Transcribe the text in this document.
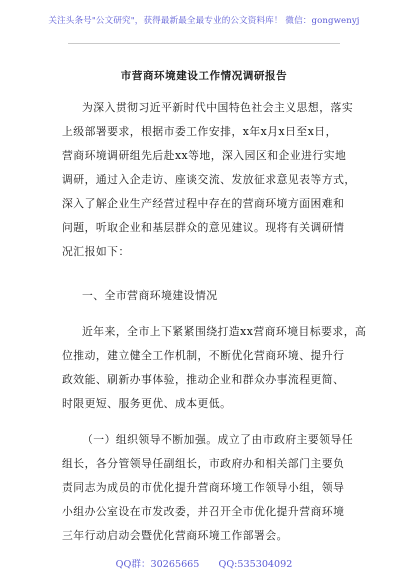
关注头条号"公文研究"，获得最新最全最专业的公文资料库！ 微信：gongwenyj
市营商环境建设工作情况调研报告
为深入贯彻习近平新时代中国特色社会主义思想，落实
上级部署要求，根据市委工作安排，x年x月x日至x日，
营商环境调研组先后赴xx等地，深入园区和企业进行实地
调研，通过入企走访、座谈交流、发放征求意见表等方式，
深入了解企业生产经营过程中存在的营商环境方面困难和
问题，听取企业和基层群众的意见建议。现将有关调研情
况汇报如下：
一、全市营商环境建设情况
近年来，全市上下紧紧围绕打造xx营商环境目标要求，高
位推动，建立健全工作机制，不断优化营商环境、提升行
政效能、刷新办事体验，推动企业和群众办事流程更简、
时限更短、服务更优、成本更低。
（一）组织领导不断加强。成立了由市政府主要领导任
组长，各分管领导任副组长，市政府办和相关部门主要负
责同志为成员的市优化提升营商环境工作领导小组，领导
小组办公室设在市发改委，并召开全市优化提升营商环境
三年行动启动会暨优化营商环境工作部署会。
QQ群：30265665 QQ:535304092
